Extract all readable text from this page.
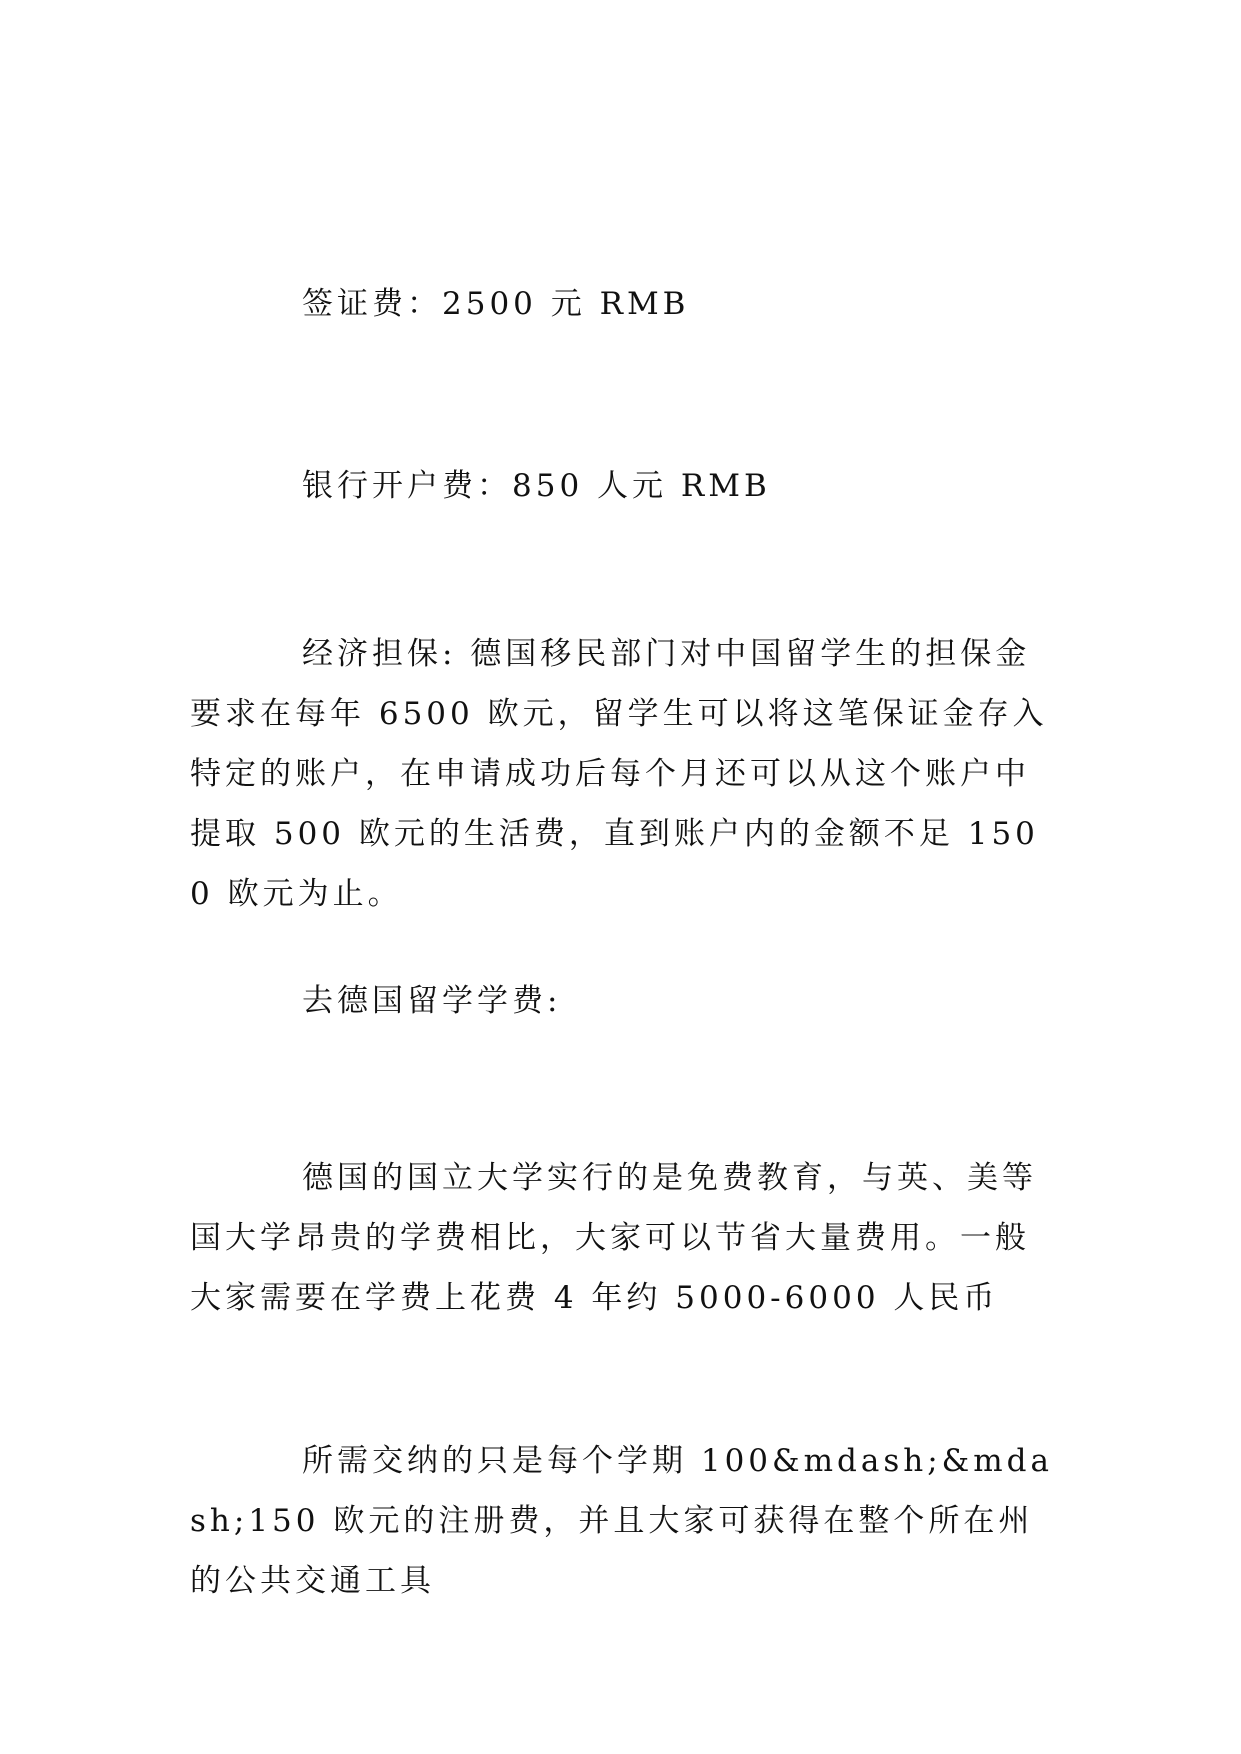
签证费：2500 元 RMB

银行开户费：850 人元 RMB

经济担保: 德国移民部门对中国留学生的担保金要求在每年 6500 欧元，留学生可以将这笔保证金存入特定的账户，在申请成功后每个月还可以从这个账户中提取 500 欧元的生活费，直到账户内的金额不足 1500 欧元为止。

去德国留学学费:

德国的国立大学实行的是免费教育，与英、美等国大学昂贵的学费相比，大家可以节省大量费用。一般大家需要在学费上花费 4 年约 5000-6000 人民币

所需交纳的只是每个学期 100&mdash;&mdash;150 欧元的注册费，并且大家可获得在整个所在州的公共交通工具
